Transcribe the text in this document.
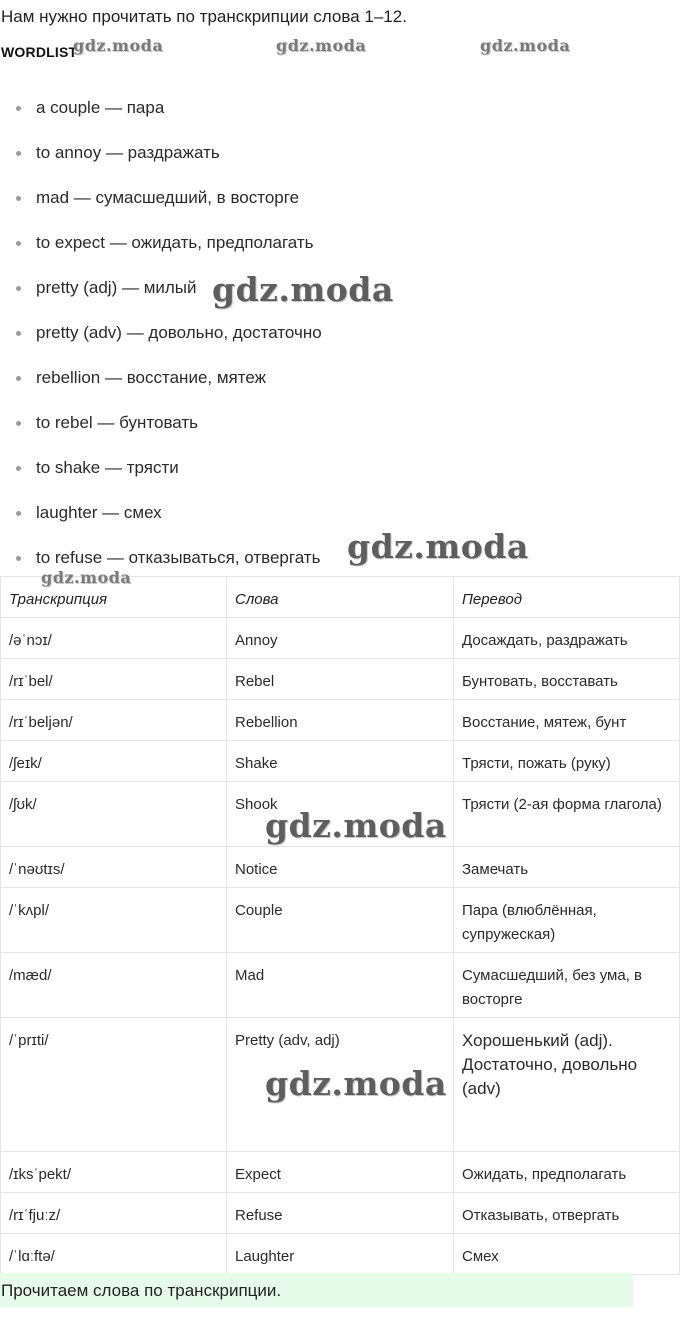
Нам нужно прочитать по транскрипции слова 1–12.
WORDLIST
gdz.moda	gdz.moda	gdz.moda
a couple — пара
to annoy — раздражать
mad — сумасшедший, в восторге
to expect — ожидать, предполагать
pretty (adj) — милый
pretty (adv) — довольно, достаточно
rebellion — восстание, мятеж
to rebel — бунтовать
to shake — трясти
laughter — смех
to refuse — отказываться, отвергать
gdz.moda
gdz.moda
Транскрипция	Слова	Перевод
/əˈnɔɪ/	Annoy	Досаждать, раздражать
/rɪˈbel/	Rebel	Бунтовать, восставать
/rɪˈbeljən/	Rebellion	Восстание, мятеж, бунт
/ʃeɪk/	Shake	Трясти, пожать (руку)
/ʃʊk/	Shook	Трясти (2-ая форма глагола)
/ˈnəʊtɪs/	Notice	Замечать
/ˈkʌpl/	Couple	Пара (влюблённая, супружеская)
/mæd/	Mad	Сумасшедший, без ума, в восторге
/ˈprɪti/	Pretty (adv, adj)	Хорошенький (adj). Достаточно, довольно (adv)
/ɪksˈpekt/	Expect	Ожидать, предполагать
/rɪˈfjuːz/	Refuse	Отказывать, отвергать
/ˈlɑːftə/	Laughter	Смех
gdz.moda
gdz.moda
gdz.moda
Прочитаем слова по транскрипции.
